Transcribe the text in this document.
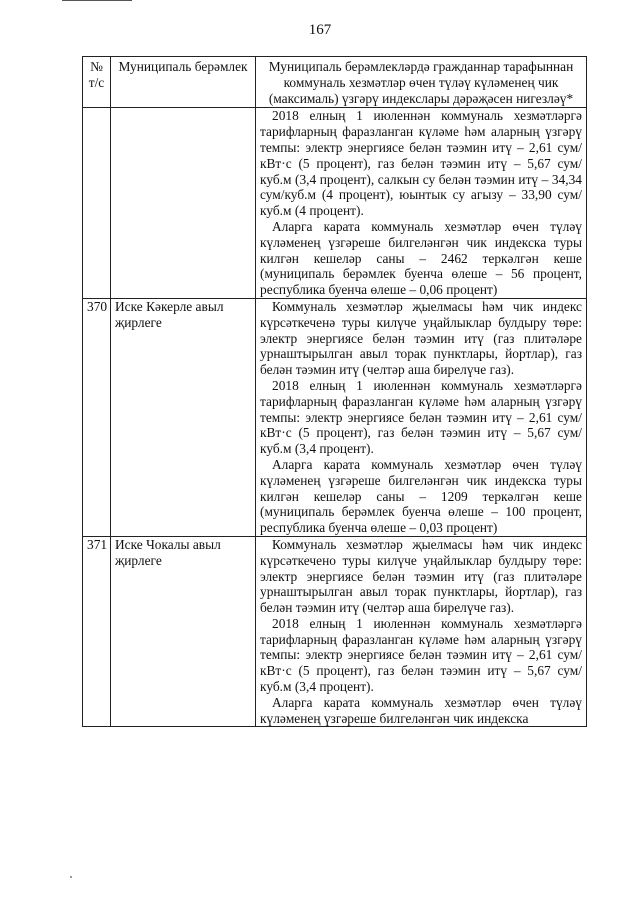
167
№ т/с	Муниципаль берәмлек	Муниципаль берәмлекләрдә гражданнар тарафыннан коммуналь хезмәтләр өчен түләү күләменең чик (максималь) үзгәрү индекслары дәрәҗәсен нигезләү*

		2018 елның 1 июленнән коммуналь хезмәтләргә тарифларның фаразланган күләме һәм аларның үзгәрү темпы: электр энергиясе белән тәэмин итү – 2,61 сум/кВт·с (5 процент), газ белән тәэмин итү – 5,67 сум/куб.м (3,4 процент), салкын су белән тәэмин итү – 34,34 сум/куб.м (4 процент), юынтык су агызу – 33,90 сум/куб.м (4 процент).

Аларга карата коммуналь хезмәтләр өчен түләү күләменең үзгәреше билгеләнгән чик индекска туры килгән кешеләр саны – 2462 теркәлгән кеше (муниципаль берәмлек буенча өлеше – 56 процент, республика буенча өлеше – 0,06 процент)

370	Иске Кәкерле авыл җирлеге	Коммуналь хезмәтләр җыелмасы һәм чик индекс күрсәткеченә туры килүче уңайлыклар булдыру төре: электр энергиясе белән тәэмин итү (газ плитәләре урнаштырылган авыл торак пунктлары, йортлар), газ белән тәэмин итү (челтәр аша бирелүче газ).

2018 елның 1 июленнән коммуналь хезмәтләргә тарифларның фаразланган күләме һәм аларның үзгәрү темпы: электр энергиясе белән тәэмин итү – 2,61 сум/кВт·с (5 процент), газ белән тәэмин итү – 5,67 сум/куб.м (3,4 процент).

Аларга карата коммуналь хезмәтләр өчен түләү күләменең үзгәреше билгеләнгән чик индекска туры килгән кешеләр саны – 1209 теркәлгән кеше (муниципаль берәмлек буенча өлеше – 100 процент, республика буенча өлеше – 0,03 процент)

371	Иске Чокалы авыл җирлеге	Коммуналь хезмәтләр җыелмасы һәм чик индекс күрсәткечено туры килүче уңайлыклар булдыру төре: электр энергиясе белән тәэмин итү (газ плитәләре урнаштырылган авыл торак пунктлары, йортлар), газ белән тәэмин итү (челтәр аша бирелүче газ).

2018 елның 1 июленнән коммуналь хезмәтләргә тарифларның фаразланган күләме һәм аларның үзгәрү темпы: электр энергиясе белән тәэмин итү – 2,61 сум/кВт·с (5 процент), газ белән тәэмин итү – 5,67 сум/куб.м (3,4 процент).

Аларга карата коммуналь хезмәтләр өчен түләү күләменең үзгәреше билгеләнгән чик индекска
